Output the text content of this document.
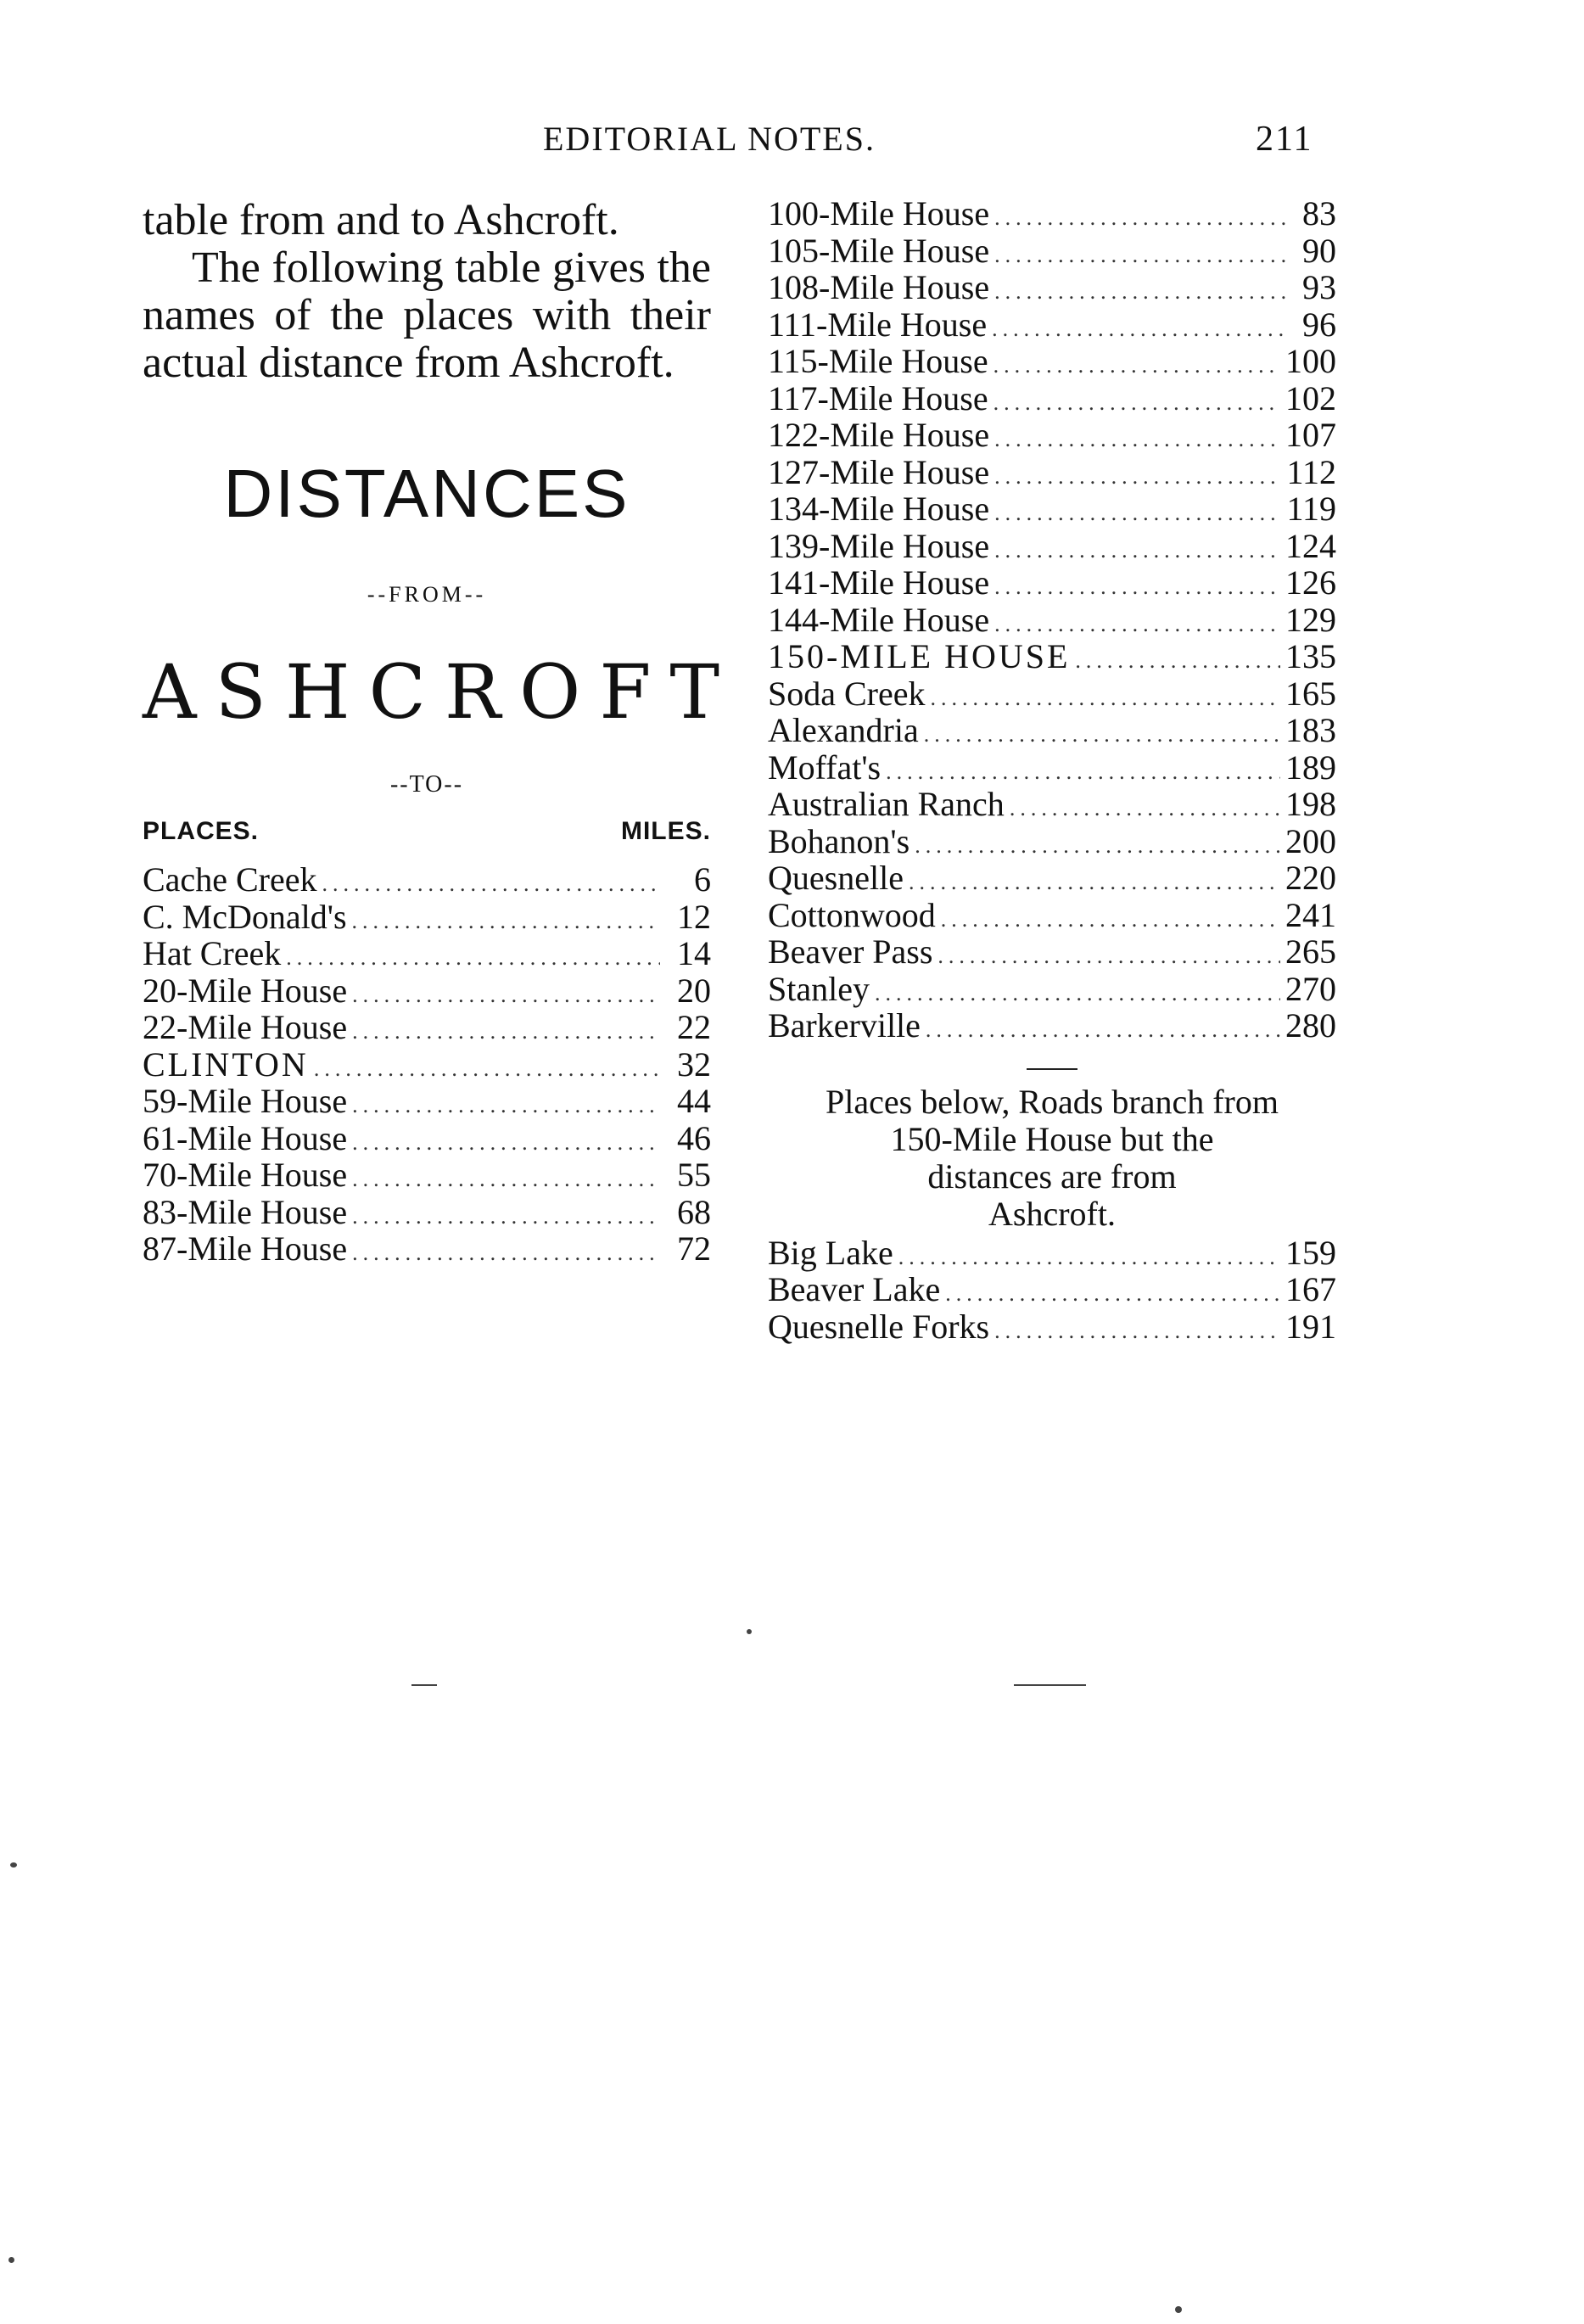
EDITORIAL NOTES.	211

table from and to Ashcroft.

The following table gives the names of the places with their actual distance from Ashcroft.

DISTANCES
--FROM--
ASHCROFT
--TO--
PLACES.	MILES.
Cache Creek .....	6
C. McDonald's .....	12
Hat Creek .....	14
20-Mile House .....	20
22-Mile House .....	22
CLINTON .....	32
59-Mile House .....	44
61-Mile House .....	46
70-Mile House .....	55
83-Mile House .....	68
87-Mile House .....	72
100-Mile House .....	83
105-Mile House .....	90
108-Mile House .....	93
111-Mile House .....	96
115-Mile House .....	100
117-Mile House .....	102
122-Mile House .....	107
127-Mile House .....	112
134-Mile House .....	119
139-Mile House .....	124
141-Mile House .....	126
144-Mile House .....	129
150-MILE HOUSE .....	135
Soda Creek .....	165
Alexandria .....	183
Moffat's .....	189
Australian Ranch .....	198
Bohanon's .....	200
Quesnelle .....	220
Cottonwood .....	241
Beaver Pass .....	265
Stanley .....	270
Barkerville .....	280
Places below, Roads branch from
150-Mile House but the
distances are from
Ashcroft.
Big Lake .....	159
Beaver Lake .....	167
Quesnelle Forks .....	191
